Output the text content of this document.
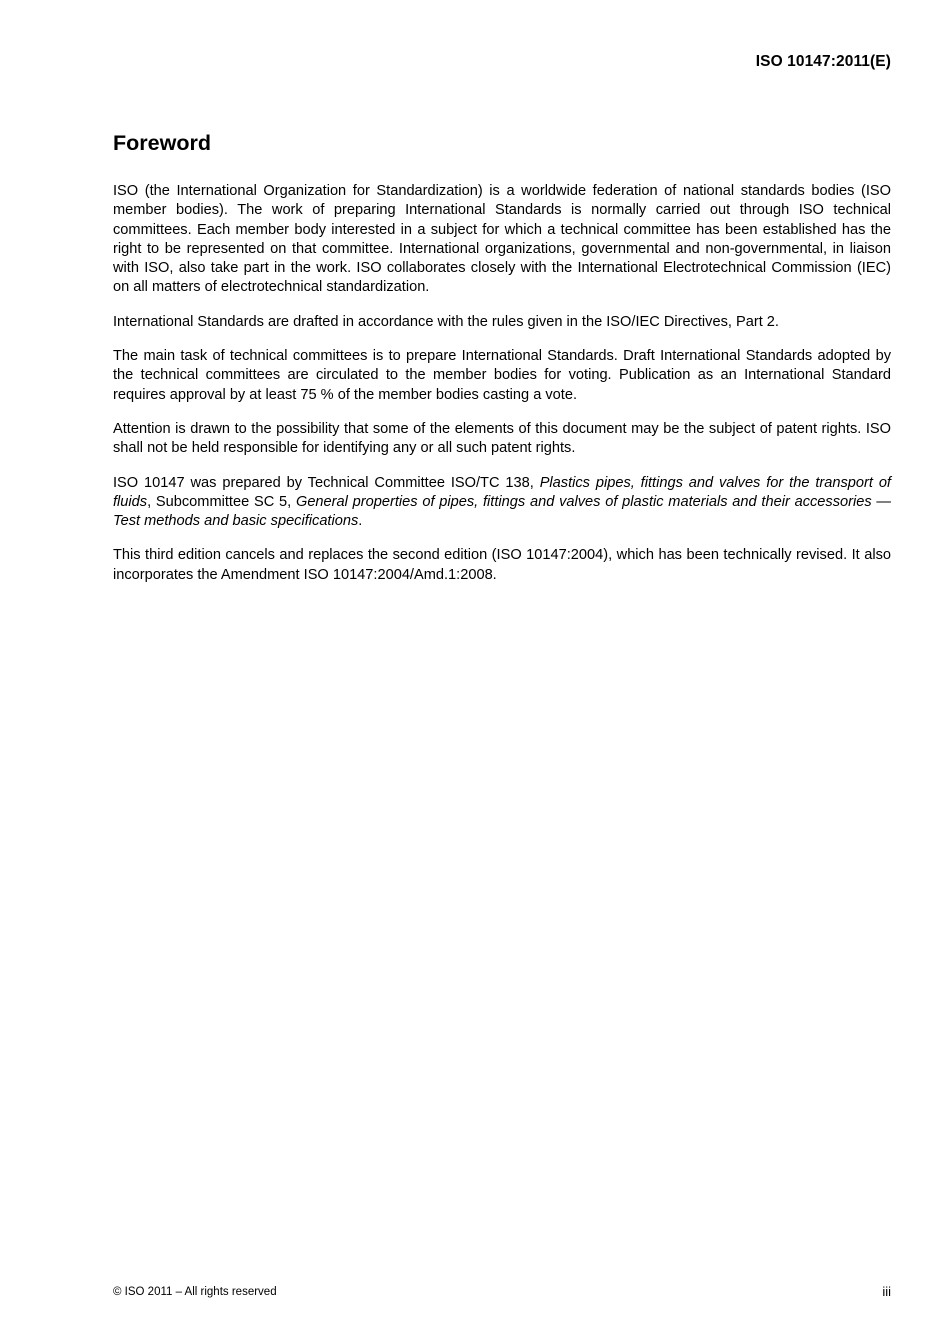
ISO 10147:2011(E)
Foreword

ISO (the International Organization for Standardization) is a worldwide federation of national standards bodies (ISO member bodies). The work of preparing International Standards is normally carried out through ISO technical committees. Each member body interested in a subject for which a technical committee has been established has the right to be represented on that committee. International organizations, governmental and non-governmental, in liaison with ISO, also take part in the work. ISO collaborates closely with the International Electrotechnical Commission (IEC) on all matters of electrotechnical standardization.

International Standards are drafted in accordance with the rules given in the ISO/IEC Directives, Part 2.

The main task of technical committees is to prepare International Standards. Draft International Standards adopted by the technical committees are circulated to the member bodies for voting. Publication as an International Standard requires approval by at least 75 % of the member bodies casting a vote.

Attention is drawn to the possibility that some of the elements of this document may be the subject of patent rights. ISO shall not be held responsible for identifying any or all such patent rights.

ISO 10147 was prepared by Technical Committee ISO/TC 138, Plastics pipes, fittings and valves for the transport of fluids, Subcommittee SC 5, General properties of pipes, fittings and valves of plastic materials and their accessories — Test methods and basic specifications.

This third edition cancels and replaces the second edition (ISO 10147:2004), which has been technically revised. It also incorporates the Amendment ISO 10147:2004/Amd.1:2008.

© ISO 2011 – All rights reserved	iii
